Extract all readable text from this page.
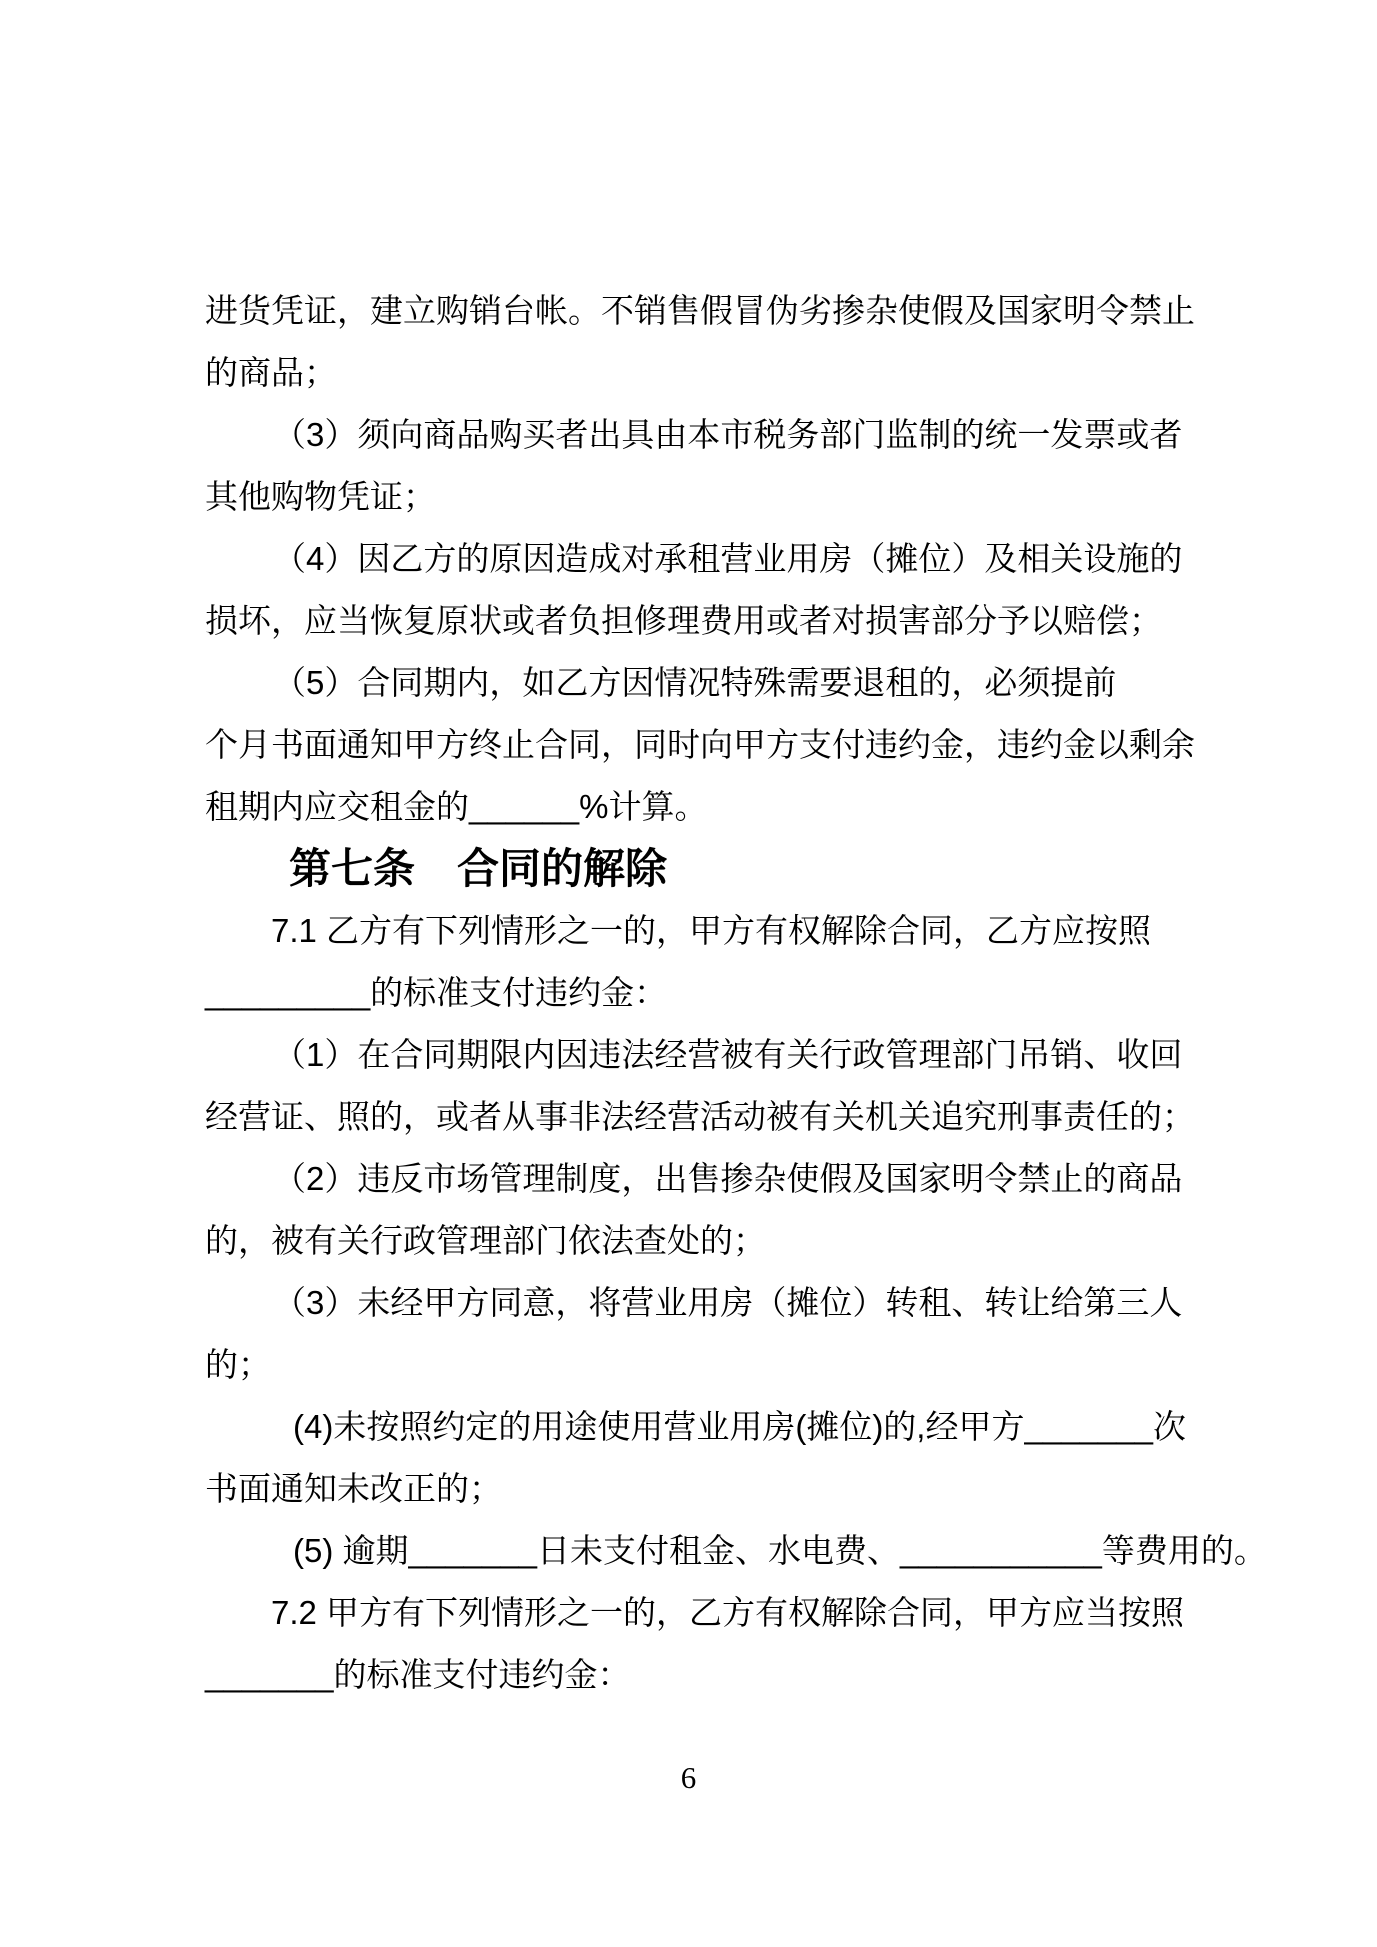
进货凭证，建立购销台帐。不销售假冒伪劣掺杂使假及国家明令禁止
的商品；
（3）须向商品购买者出具由本市税务部门监制的统一发票或者
其他购物凭证；
（4）因乙方的原因造成对承租营业用房（摊位）及相关设施的
损坏，应当恢复原状或者负担修理费用或者对损害部分予以赔偿；
（5）合同期内，如乙方因情况特殊需要退租的，必须提前
个月书面通知甲方终止合同，同时向甲方支付违约金，违约金以剩余
租期内应交租金的______%计算。
第七条　合同的解除
7.1 乙方有下列情形之一的，甲方有权解除合同，乙方应按照
_________的标准支付违约金：
（1）在合同期限内因违法经营被有关行政管理部门吊销、收回
经营证、照的，或者从事非法经营活动被有关机关追究刑事责任的；
（2）违反市场管理制度，出售掺杂使假及国家明令禁止的商品
的，被有关行政管理部门依法查处的；
（3）未经甲方同意，将营业用房（摊位）转租、转让给第三人
的；
(4)未按照约定的用途使用营业用房(摊位)的,经甲方_______次
书面通知未改正的；
(5) 逾期_______日未支付租金、水电费、___________等费用的。
7.2 甲方有下列情形之一的，乙方有权解除合同，甲方应当按照
_______的标准支付违约金：
6
